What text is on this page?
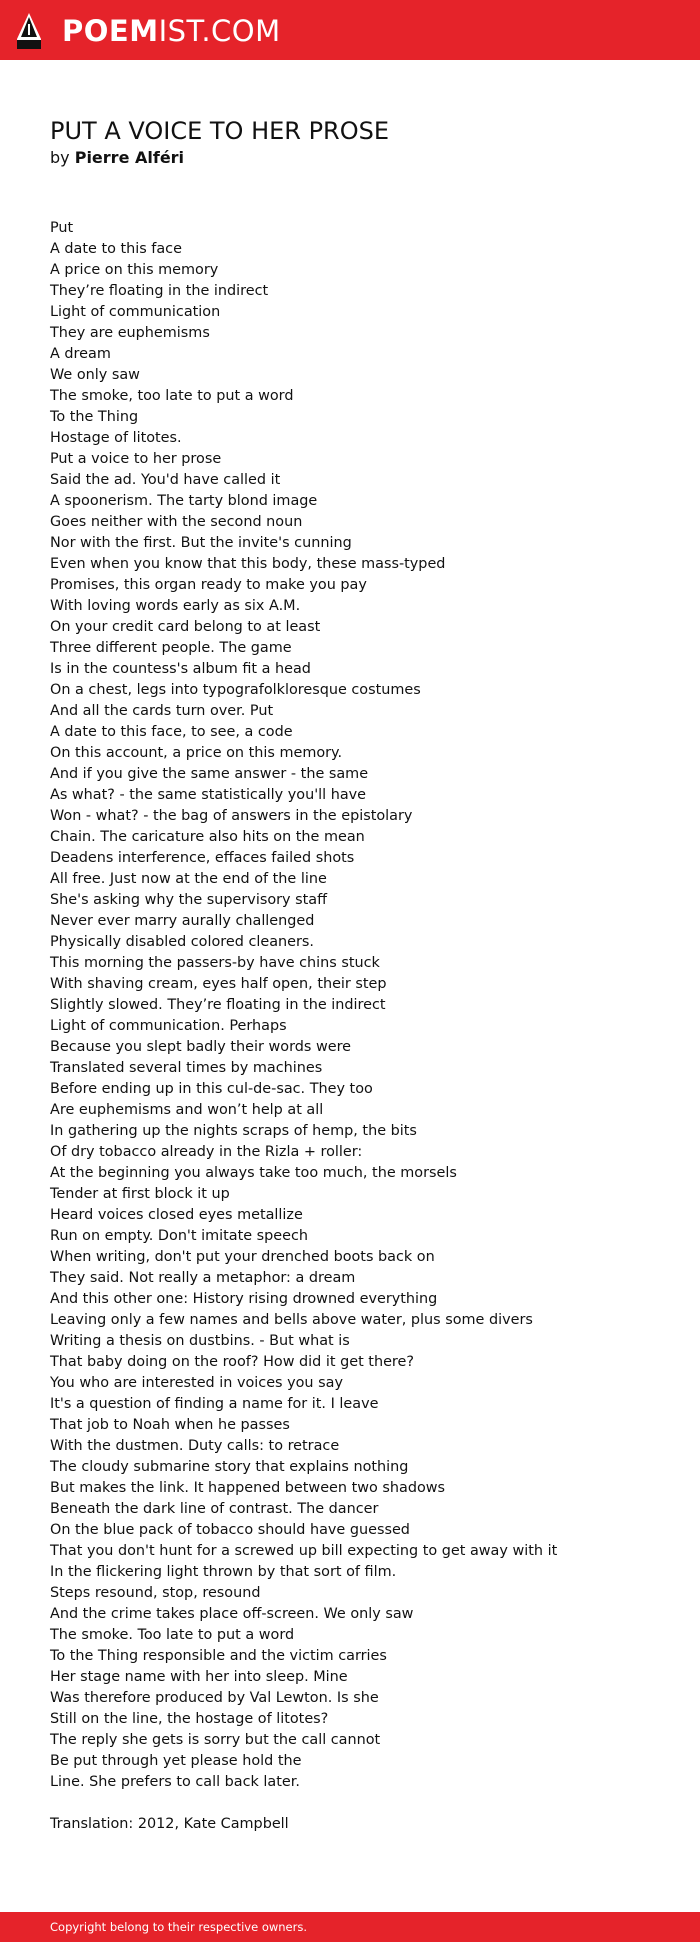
POEMIST.COM
PUT A VOICE TO HER PROSE
by Pierre Alféri
Put
A date to this face
A price on this memory
They’re floating in the indirect
Light of communication
They are euphemisms
A dream
We only saw
The smoke, too late to put a word
To the Thing
Hostage of litotes.
Put a voice to her prose
Said the ad. You'd have called it
A spoonerism. The tarty blond image
Goes neither with the second noun
Nor with the first. But the invite's cunning
Even when you know that this body, these mass-typed
Promises, this organ ready to make you pay
With loving words early as six A.M.
On your credit card belong to at least
Three different people. The game
Is in the countess's album fit a head
On a chest, legs into typografolkloresque costumes
And all the cards turn over. Put
A date to this face, to see, a code
On this account, a price on this memory.
And if you give the same answer - the same
As what? - the same statistically you'll have
Won - what? - the bag of answers in the epistolary
Chain. The caricature also hits on the mean
Deadens interference, effaces failed shots
All free. Just now at the end of the line
She's asking why the supervisory staff
Never ever marry aurally challenged
Physically disabled colored cleaners.
This morning the passers-by have chins stuck
With shaving cream, eyes half open, their step
Slightly slowed. They’re floating in the indirect
Light of communication. Perhaps
Because you slept badly their words were
Translated several times by machines
Before ending up in this cul-de-sac. They too
Are euphemisms and won’t help at all
In gathering up the nights scraps of hemp, the bits
Of dry tobacco already in the Rizla + roller:
At the beginning you always take too much, the morsels
Tender at first block it up
Heard voices closed eyes metallize
Run on empty. Don't imitate speech
When writing, don't put your drenched boots back on
They said. Not really a metaphor: a dream
And this other one: History rising drowned everything
Leaving only a few names and bells above water, plus some divers
Writing a thesis on dustbins. - But what is
That baby doing on the roof? How did it get there?
You who are interested in voices you say
It's a question of finding a name for it. I leave
That job to Noah when he passes
With the dustmen. Duty calls: to retrace
The cloudy submarine story that explains nothing
But makes the link. It happened between two shadows
Beneath the dark line of contrast. The dancer
On the blue pack of tobacco should have guessed
That you don't hunt for a screwed up bill expecting to get away with it
In the flickering light thrown by that sort of film.
Steps resound, stop, resound
And the crime takes place off-screen. We only saw
The smoke. Too late to put a word
To the Thing responsible and the victim carries
Her stage name with her into sleep. Mine
Was therefore produced by Val Lewton. Is she
Still on the line, the hostage of litotes?
The reply she gets is sorry but the call cannot
Be put through yet please hold the
Line. She prefers to call back later.
Translation: 2012, Kate Campbell
Copyright belong to their respective owners.
